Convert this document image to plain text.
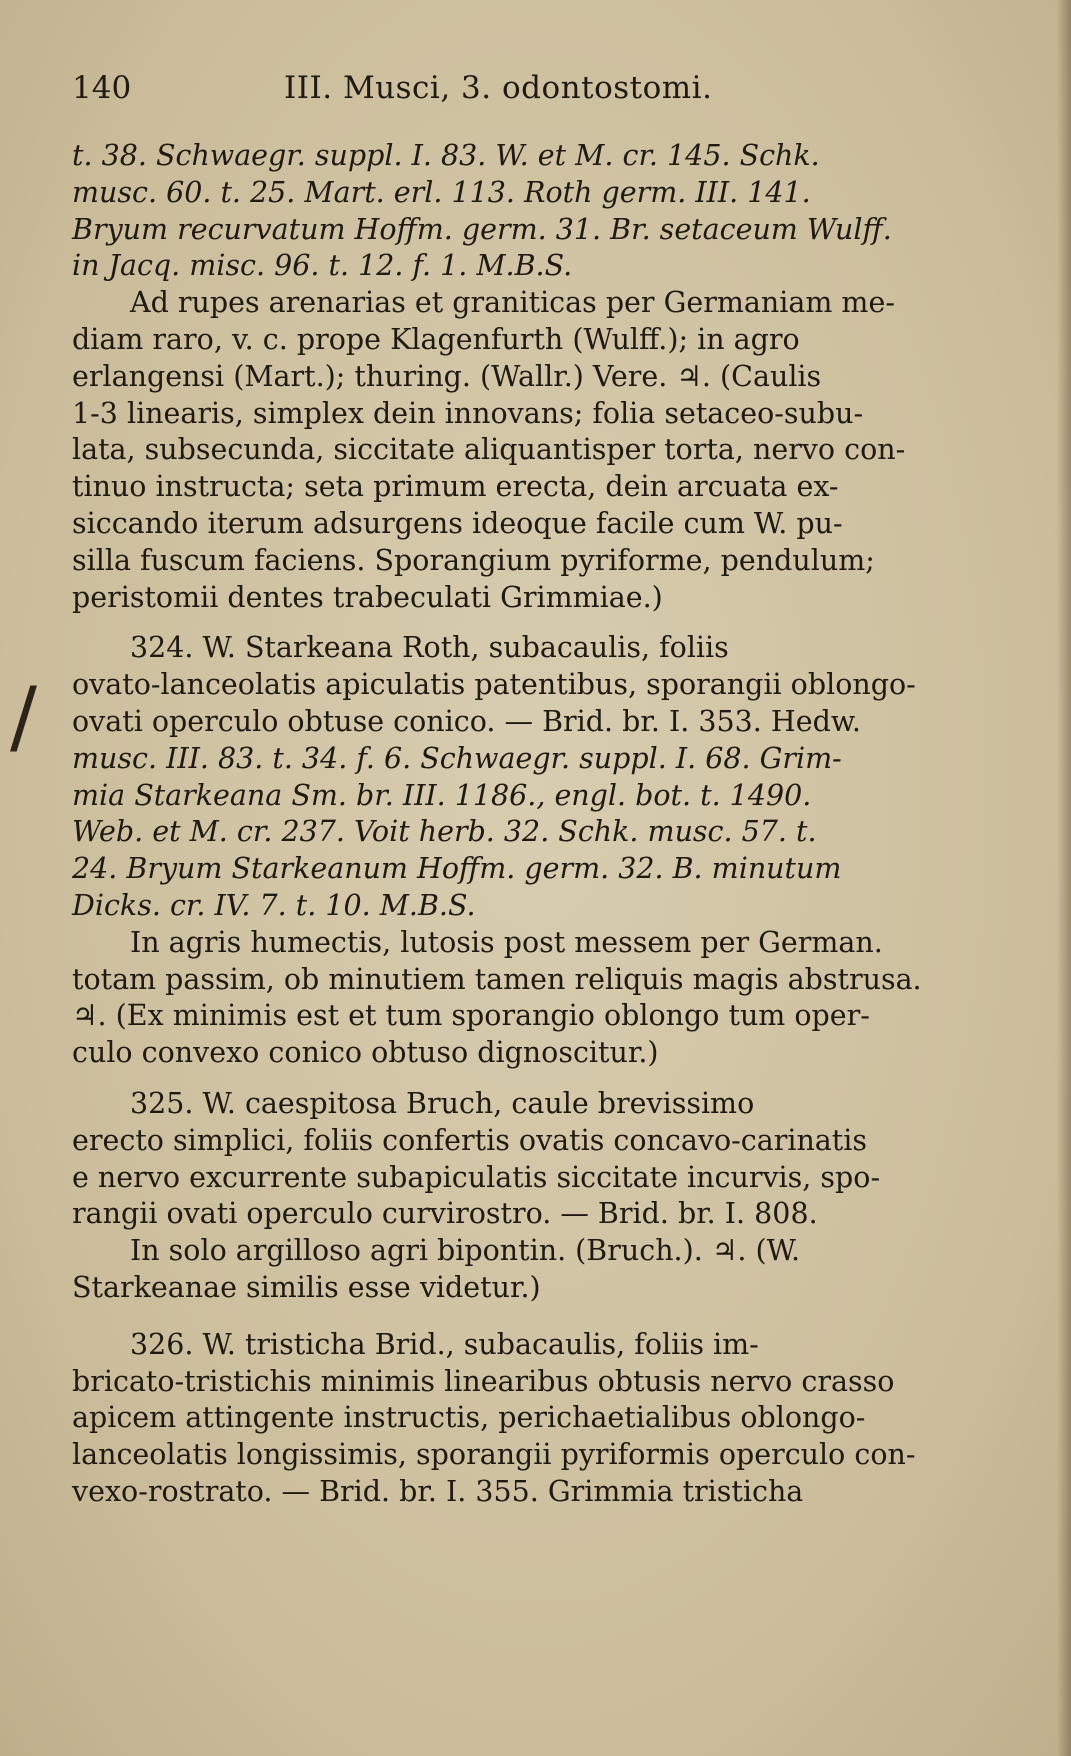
/
140	III. Musci, 3. odontostomi.
t. 38. Schwaegr. suppl. I. 83. W. et M. cr. 145. Schk.
musc. 60. t. 25. Mart. erl. 113. Roth germ. III. 141.
Bryum recurvatum Hoffm. germ. 31. Br. setaceum Wulff.
in Jacq. misc. 96. t. 12. f. 1. M.B.S.
Ad rupes arenarias et graniticas per Germaniam me-
diam raro, v. c. prope Klagenfurth (Wulff.); in agro
erlangensi (Mart.); thuring. (Wallr.) Vere. ♃. (Caulis
1-3 linearis, simplex dein innovans; folia setaceo-subu-
lata, subsecunda, siccitate aliquantisper torta, nervo con-
tinuo instructa; seta primum erecta, dein arcuata ex-
siccando iterum adsurgens ideoque facile cum W. pu-
silla fuscum faciens. Sporangium pyriforme, pendulum;
peristomii dentes trabeculati Grimmiae.)
324. W. Starkeana Roth, subacaulis, foliis
ovato-lanceolatis apiculatis patentibus, sporangii oblongo-
ovati operculo obtuse conico. — Brid. br. I. 353. Hedw.
musc. III. 83. t. 34. f. 6. Schwaegr. suppl. I. 68. Grim-
mia Starkeana Sm. br. III. 1186., engl. bot. t. 1490.
Web. et M. cr. 237. Voit herb. 32. Schk. musc. 57. t.
24. Bryum Starkeanum Hoffm. germ. 32. B. minutum
Dicks. cr. IV. 7. t. 10. M.B.S.
In agris humectis, lutosis post messem per German.
totam passim, ob minutiem tamen reliquis magis abstrusa.
♃. (Ex minimis est et tum sporangio oblongo tum oper-
culo convexo conico obtuso dignoscitur.)
325. W. caespitosa Bruch, caule brevissimo
erecto simplici, foliis confertis ovatis concavo-carinatis
e nervo excurrente subapiculatis siccitate incurvis, spo-
rangii ovati operculo curvirostro. — Brid. br. I. 808.
In solo argilloso agri bipontin. (Bruch.). ♃. (W.
Starkeanae similis esse videtur.)
326. W. tristicha Brid., subacaulis, foliis im-
bricato-tristichis minimis linearibus obtusis nervo crasso
apicem attingente instructis, perichaetialibus oblongo-
lanceolatis longissimis, sporangii pyriformis operculo con-
vexo-rostrato. — Brid. br. I. 355. Grimmia tristicha
